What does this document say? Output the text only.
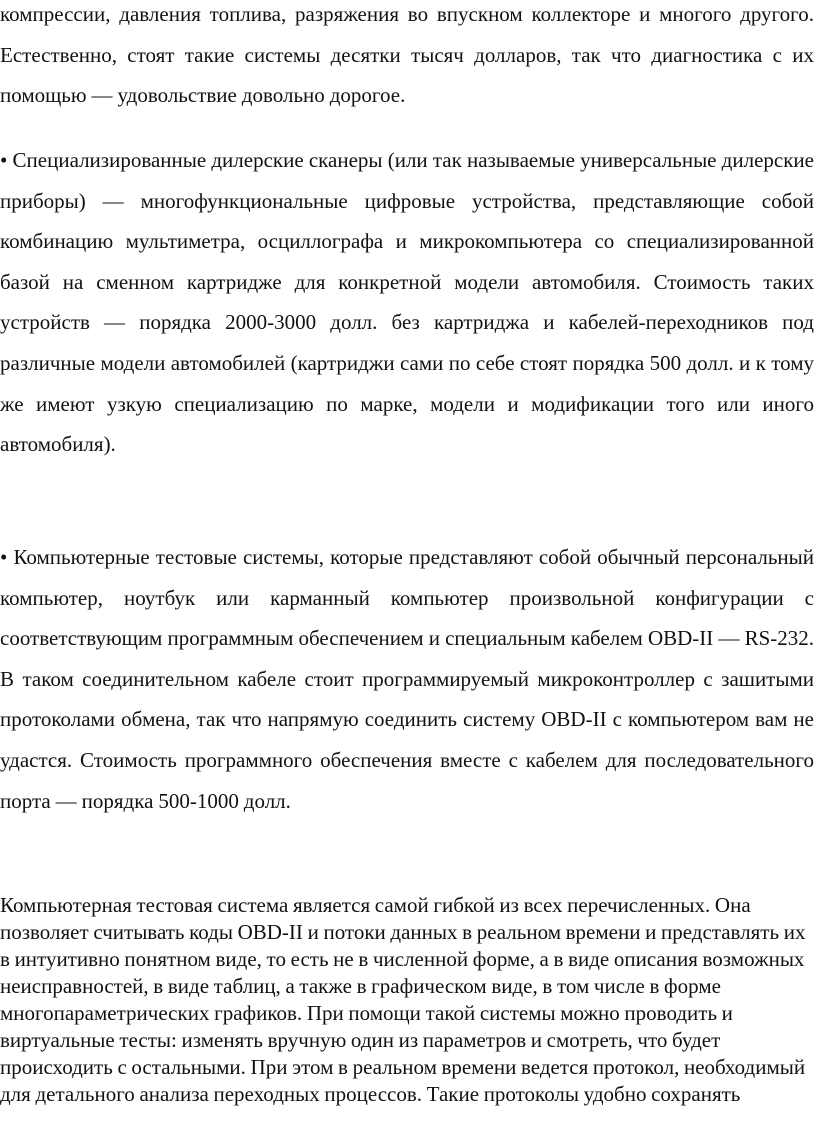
компрессии, давления топлива, разряжения во впускном коллекторе и многого другого. Естественно, стоят такие системы десятки тысяч долларов, так что диагностика с их помощью — удовольствие довольно дорогое.

• Специализированные дилерские сканеры (или так называемые универсальные дилерские приборы) — многофункциональные цифровые устройства, представляющие собой комбинацию мультиметра, осциллографа и микрокомпьютера со специализированной базой на сменном картридже для конкретной модели автомобиля. Стоимость таких устройств — порядка 2000-3000 долл. без картриджа и кабелей-переходников под различные модели автомобилей (картриджи сами по себе стоят порядка 500 долл. и к тому же имеют узкую специализацию по марке, модели и модификации того или иного автомобиля).

• Компьютерные тестовые системы, которые представляют собой обычный персональный компьютер, ноутбук или карманный компьютер произвольной конфигурации с соответствующим программным обеспечением и специальным кабелем OBD-II — RS-232. В таком соединительном кабеле стоит программируемый микроконтроллер с зашитыми протоколами обмена, так что напрямую соединить систему OBD-II с компьютером вам не удастся. Стоимость программного обеспечения вместе с кабелем для последовательного порта — порядка 500-1000 долл.

Компьютерная тестовая система является самой гибкой из всех перечисленных. Она позволяет считывать коды OBD-II и потоки данных в реальном времени и представлять их в интуитивно понятном виде, то есть не в численной форме, а в виде описания возможных неисправностей, в виде таблиц, а также в графическом виде, в том числе в форме многопараметрических графиков. При помощи такой системы можно проводить и виртуальные тесты: изменять вручную один из параметров и смотреть, что будет происходить с остальными. При этом в реальном времени ведется протокол, необходимый для детального анализа переходных процессов. Такие протоколы удобно сохранять
